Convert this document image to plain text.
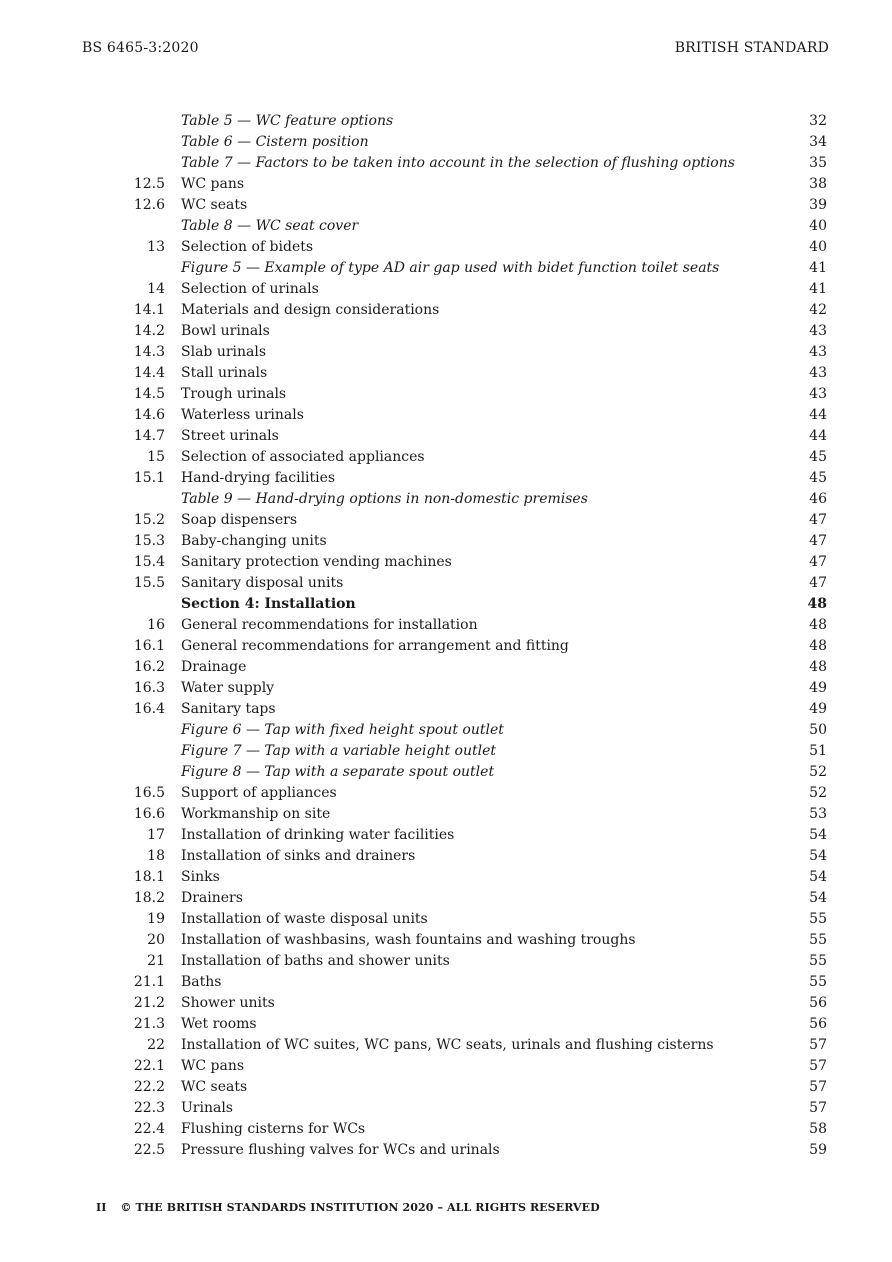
BS 6465-3:2020	BRITISH STANDARD
Table 5 — WC feature options	32
Table 6 — Cistern position	34
Table 7 — Factors to be taken into account in the selection of flushing options	35
12.5 WC pans	38
12.6 WC seats	39
Table 8 — WC seat cover	40
13 Selection of bidets	40
Figure 5 — Example of type AD air gap used with bidet function toilet seats	41
14 Selection of urinals	41
14.1 Materials and design considerations	42
14.2 Bowl urinals	43
14.3 Slab urinals	43
14.4 Stall urinals	43
14.5 Trough urinals	43
14.6 Waterless urinals	44
14.7 Street urinals	44
15 Selection of associated appliances	45
15.1 Hand-drying facilities	45
Table 9 — Hand-drying options in non-domestic premises	46
15.2 Soap dispensers	47
15.3 Baby-changing units	47
15.4 Sanitary protection vending machines	47
15.5 Sanitary disposal units	47
Section 4: Installation	48
16 General recommendations for installation	48
16.1 General recommendations for arrangement and fitting	48
16.2 Drainage	48
16.3 Water supply	49
16.4 Sanitary taps	49
Figure 6 — Tap with fixed height spout outlet	50
Figure 7 — Tap with a variable height outlet	51
Figure 8 — Tap with a separate spout outlet	52
16.5 Support of appliances	52
16.6 Workmanship on site	53
17 Installation of drinking water facilities	54
18 Installation of sinks and drainers	54
18.1 Sinks	54
18.2 Drainers	54
19 Installation of waste disposal units	55
20 Installation of washbasins, wash fountains and washing troughs	55
21 Installation of baths and shower units	55
21.1 Baths	55
21.2 Shower units	56
21.3 Wet rooms	56
22 Installation of WC suites, WC pans, WC seats, urinals and flushing cisterns	57
22.1 WC pans	57
22.2 WC seats	57
22.3 Urinals	57
22.4 Flushing cisterns for WCs	58
22.5 Pressure flushing valves for WCs and urinals	59
II © THE BRITISH STANDARDS INSTITUTION 2020 – ALL RIGHTS RESERVED
